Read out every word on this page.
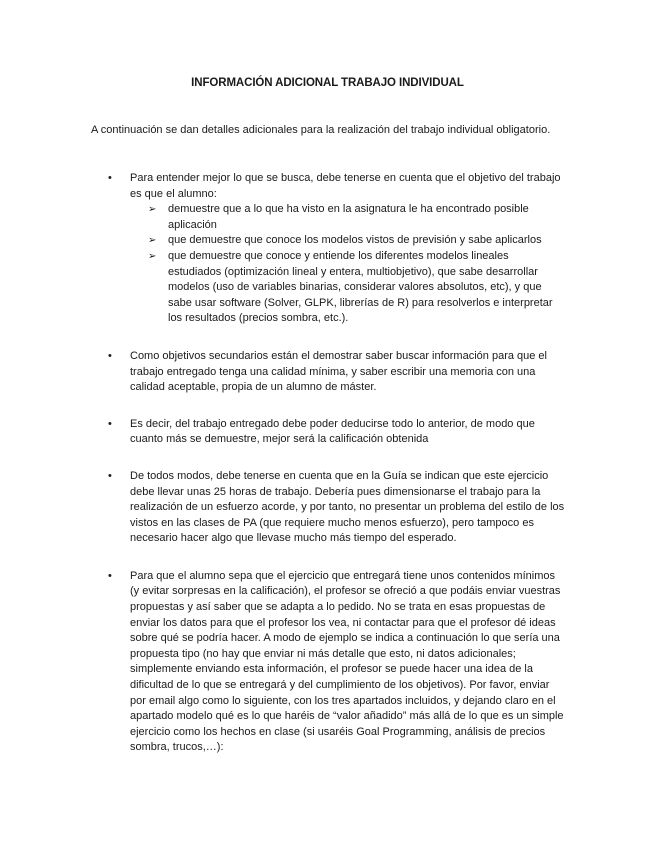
INFORMACIÓN ADICIONAL TRABAJO INDIVIDUAL

A continuación se dan detalles adicionales para la realización del trabajo individual obligatorio.

• Para entender mejor lo que se busca, debe tenerse en cuenta que el objetivo del trabajo es que el alumno:
➢ demuestre que a lo que ha visto en la asignatura le ha encontrado posible aplicación
➢ que demuestre que conoce los modelos vistos de previsión y sabe aplicarlos
➢ que demuestre que conoce y entiende los diferentes modelos lineales estudiados (optimización lineal y entera, multiobjetivo), que sabe desarrollar modelos (uso de variables binarias, considerar valores absolutos, etc), y que sabe usar software (Solver, GLPK, librerías de R) para resolverlos e interpretar los resultados (precios sombra, etc.).
• Como objetivos secundarios están el demostrar saber buscar información para que el trabajo entregado tenga una calidad mínima, y saber escribir una memoria con una calidad aceptable, propia de un alumno de máster.
• Es decir, del trabajo entregado debe poder deducirse todo lo anterior, de modo que cuanto más se demuestre, mejor será la calificación obtenida
• De todos modos, debe tenerse en cuenta que en la Guía se indican que este ejercicio debe llevar unas 25 horas de trabajo. Debería pues dimensionarse el trabajo para la realización de un esfuerzo acorde, y por tanto, no presentar un problema del estilo de los vistos en las clases de PA (que requiere mucho menos esfuerzo), pero tampoco es necesario hacer algo que llevase mucho más tiempo del esperado.
• Para que el alumno sepa que el ejercicio que entregará tiene unos contenidos mínimos (y evitar sorpresas en la calificación), el profesor se ofreció a que podáis enviar vuestras propuestas y así saber que se adapta a lo pedido. No se trata en esas propuestas de enviar los datos para que el profesor los vea, ni contactar para que el profesor dé ideas sobre qué se podría hacer. A modo de ejemplo se indica a continuación lo que sería una propuesta tipo (no hay que enviar ni más detalle que esto, ni datos adicionales; simplemente enviando esta información, el profesor se puede hacer una idea de la dificultad de lo que se entregará y del cumplimiento de los objetivos). Por favor, enviar por email algo como lo siguiente, con los tres apartados incluidos, y dejando claro en el apartado modelo qué es lo que haréis de “valor añadido” más allá de lo que es un simple ejercicio como los hechos en clase (si usaréis Goal Programming, análisis de precios sombra, trucos,…):
